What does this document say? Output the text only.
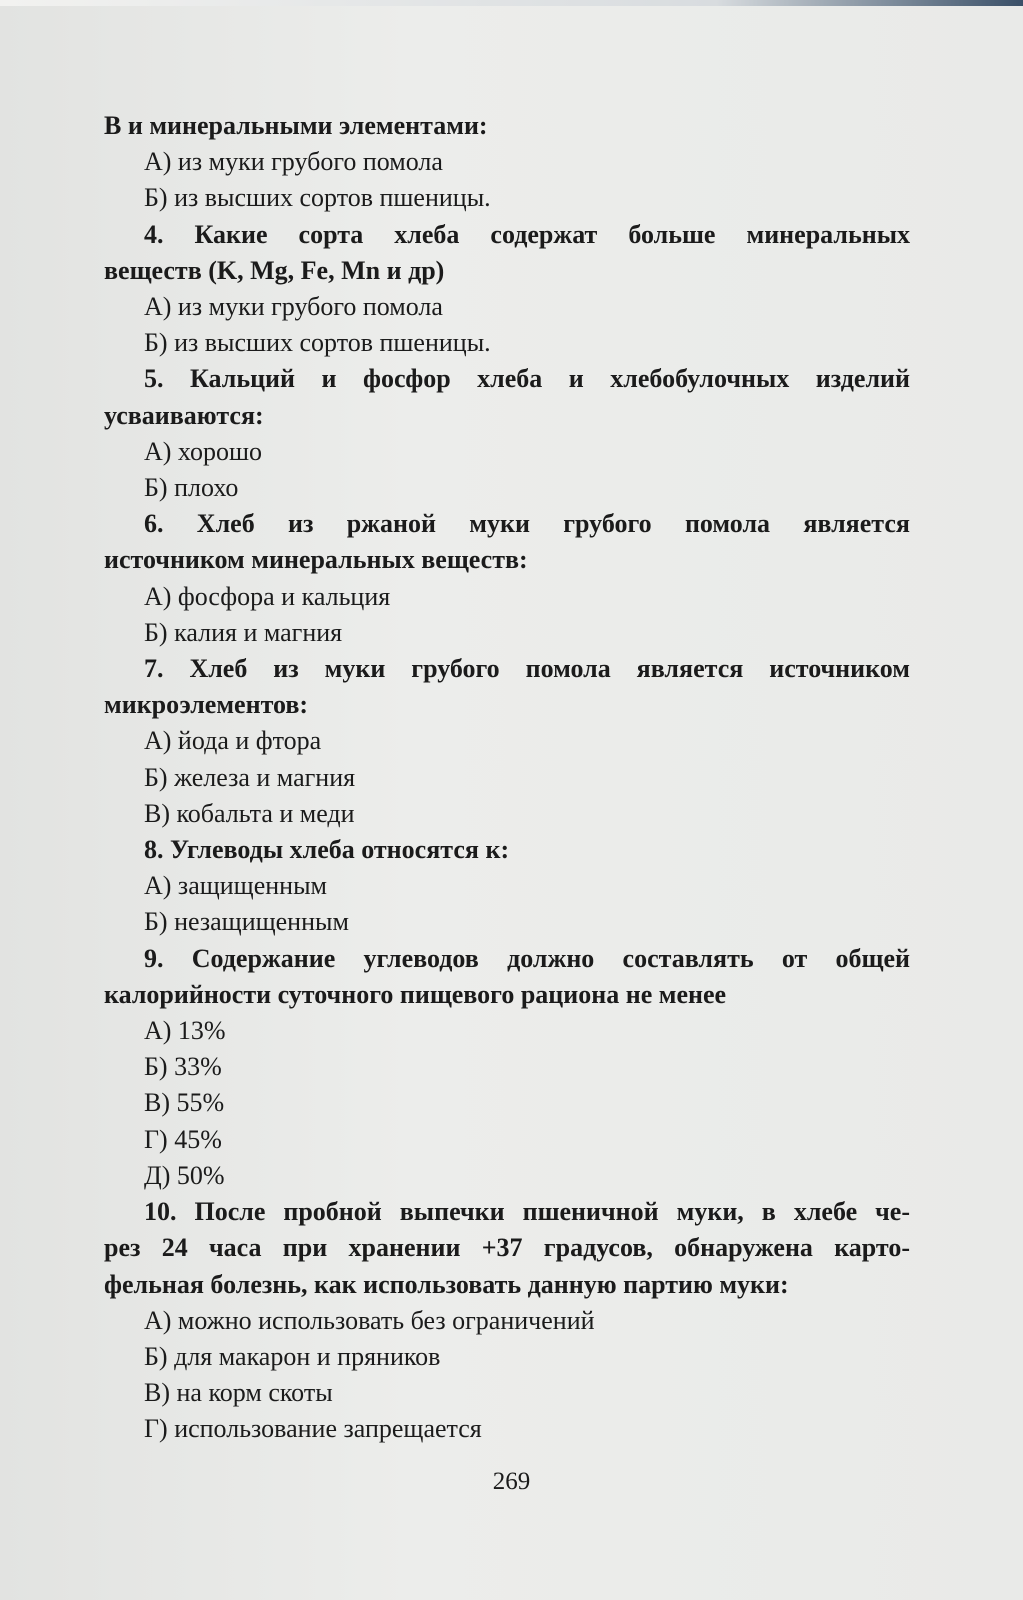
В и минеральными элементами:
А) из муки грубого помола
Б) из высших сортов пшеницы.
4. Какие сорта хлеба содержат больше минеральных
веществ (K, Mg, Fe, Mn и др)
А) из муки грубого помола
Б) из высших сортов пшеницы.
5. Кальций и фосфор хлеба и хлебобулочных изделий
усваиваются:
А) хорошо
Б) плохо
6. Хлеб из ржаной муки грубого помола является
источником минеральных веществ:
А) фосфора и кальция
Б) калия и магния
7. Хлеб из муки грубого помола является источником
микроэлементов:
А) йода и фтора
Б) железа и магния
В) кобальта и меди
8. Углеводы хлеба относятся к:
А) защищенным
Б) незащищенным
9. Содержание углеводов должно составлять от общей
калорийности суточного пищевого рациона не менее
А) 13%
Б) 33%
В) 55%
Г) 45%
Д) 50%
10. После пробной выпечки пшеничной муки, в хлебе че-
рез 24 часа при хранении +37 градусов, обнаружена карто-
фельная болезнь, как использовать данную партию муки:
А) можно использовать без ограничений
Б) для макарон и пряников
В) на корм скоты
Г) использование запрещается
269
